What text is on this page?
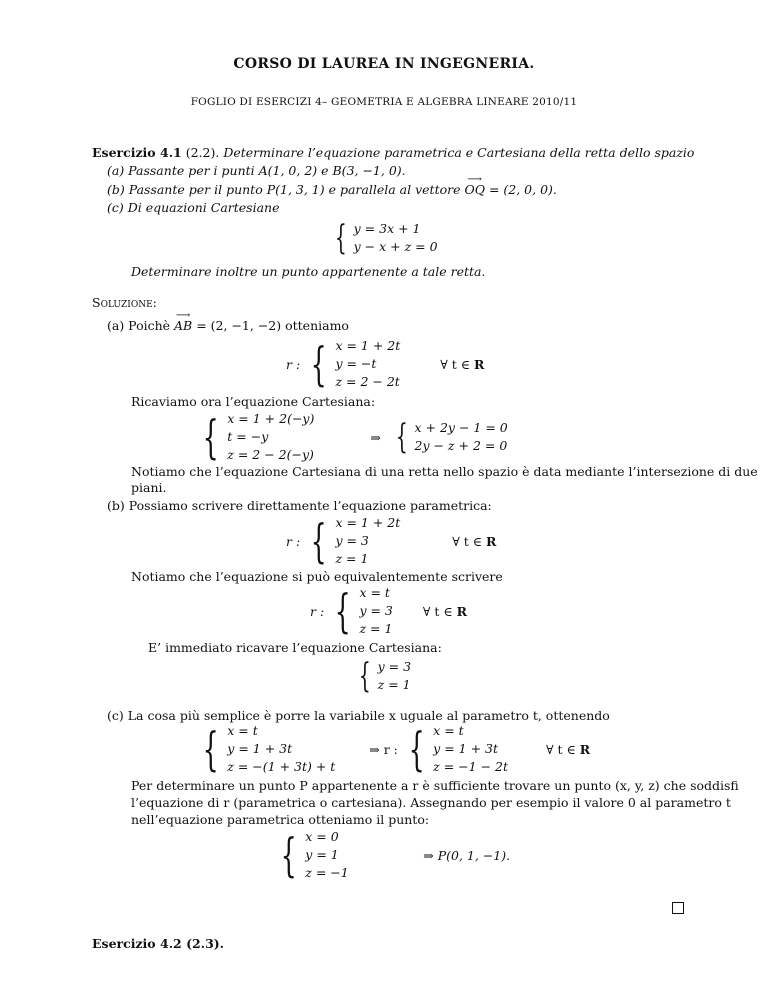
CORSO DI LAUREA IN INGEGNERIA.
FOGLIO DI ESERCIZI 4– GEOMETRIA E ALGEBRA LINEARE 2010/11
Esercizio 4.1 (2.2). Determinare l’equazione parametrica e Cartesiana della retta dello spazio
(a) Passante per i punti A(1, 0, 2) e B(3, −1, 0).
(b) Passante per il punto P(1, 3, 1) e parallela al vettore ⟶ OQ = (2, 0, 0).
(c) Di equazioni Cartesiane
{ y = 3x + 1
y − x + z = 0
Determinare inoltre un punto appartenente a tale retta.
Soluzione:
(a) Poichè ⟶ AB = (2, −1, −2) otteniamo
r : { x = 1 + 2t
y = −t
z = 2 − 2t
∀ t ∈ R
Ricaviamo ora l’equazione Cartesiana:
{ x = 1 + 2(−y)
t = −y
z = 2 − 2(−y)
⇒ { x + 2y − 1 = 0
2y − z + 2 = 0
Notiamo che l’equazione Cartesiana di una retta nello spazio è data mediante l’intersezione di due
piani.
(b) Possiamo scrivere direttamente l’equazione parametrica:
r : { x = 1 + 2t
y = 3
z = 1
∀ t ∈ R
Notiamo che l’equazione si può equivalentemente scrivere
r : { x = t
y = 3
z = 1
∀ t ∈ R
E’ immediato ricavare l’equazione Cartesiana:
{ y = 3
z = 1
(c) La cosa più semplice è porre la variabile x uguale al parametro t, ottenendo
{ x = t
y = 1 + 3t
z = −(1 + 3t) + t
⇒ r : { x = t
y = 1 + 3t
z = −1 − 2t
∀ t ∈ R
Per determinare un punto P appartenente a r è sufficiente trovare un punto (x, y, z) che soddisfi
l’equazione di r (parametrica o cartesiana). Assegnando per esempio il valore 0 al parametro t
nell’equazione parametrica otteniamo il punto:
{ x = 0
y = 1
z = −1
⇒ P(0, 1, −1).
Esercizio 4.2 (2.3).
